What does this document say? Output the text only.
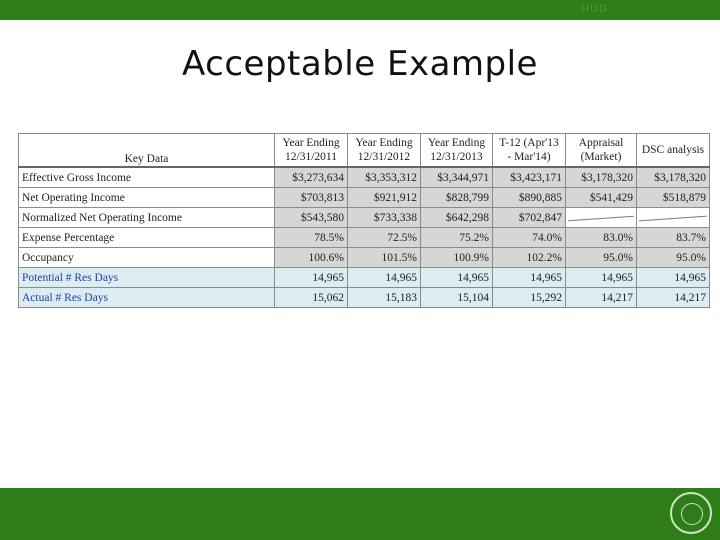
HUD
Acceptable Example
Key Data	Year Ending 12/31/2011	Year Ending 12/31/2012	Year Ending 12/31/2013	T-12 (Apr'13 - Mar'14)	Appraisal (Market)	DSC analysis
Effective Gross Income	$3,273,634	$3,353,312	$3,344,971	$3,423,171	$3,178,320	$3,178,320
Net Operating Income	$703,813	$921,912	$828,799	$890,885	$541,429	$518,879
Normalized Net Operating Income	$543,580	$733,338	$642,298	$702,847		
Expense Percentage	78.5%	72.5%	75.2%	74.0%	83.0%	83.7%
Occupancy	100.6%	101.5%	100.9%	102.2%	95.0%	95.0%
Potential # Res Days	14,965	14,965	14,965	14,965	14,965	14,965
Actual # Res Days	15,062	15,183	15,104	15,292	14,217	14,217
